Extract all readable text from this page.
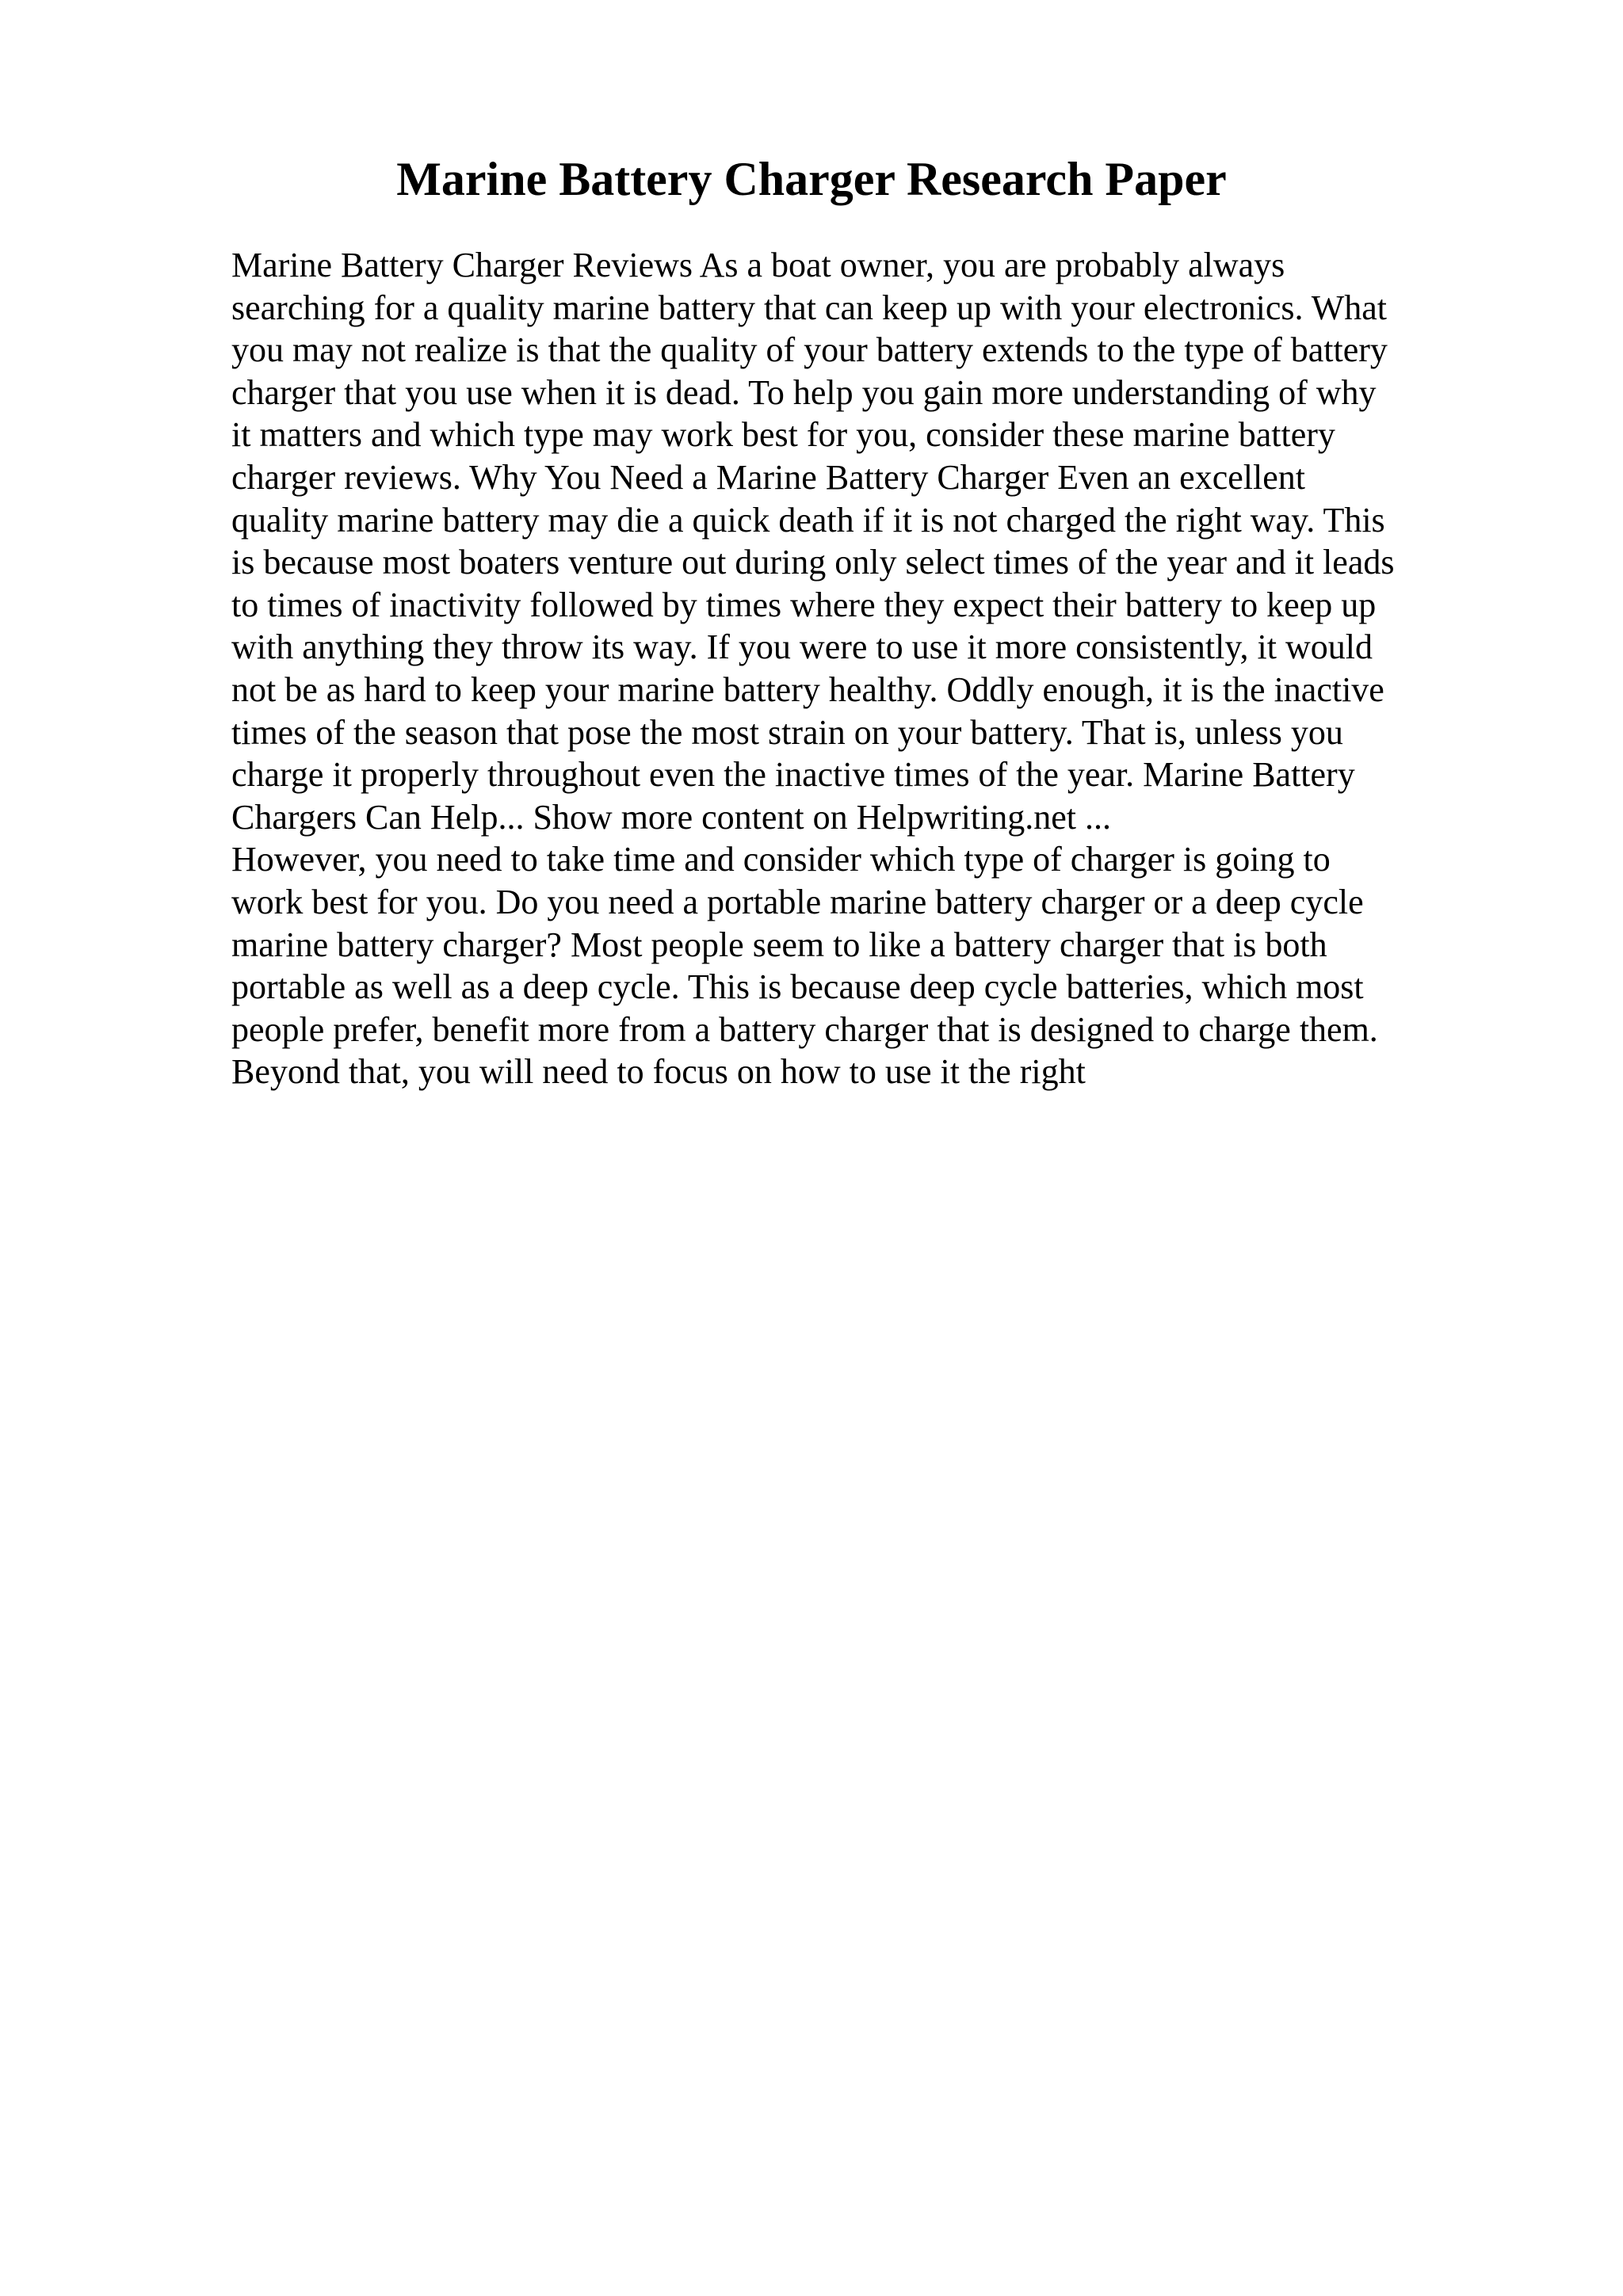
Marine Battery Charger Research Paper
Marine Battery Charger Reviews As a boat owner, you are probably always
searching for a quality marine battery that can keep up with your electronics. What
you may not realize is that the quality of your battery extends to the type of battery
charger that you use when it is dead. To help you gain more understanding of why
it matters and which type may work best for you, consider these marine battery
charger reviews. Why You Need a Marine Battery Charger Even an excellent
quality marine battery may die a quick death if it is not charged the right way. This
is because most boaters venture out during only select times of the year and it leads
to times of inactivity followed by times where they expect their battery to keep up
with anything they throw its way. If you were to use it more consistently, it would
not be as hard to keep your marine battery healthy. Oddly enough, it is the inactive
times of the season that pose the most strain on your battery. That is, unless you
charge it properly throughout even the inactive times of the year. Marine Battery
Chargers Can Help... Show more content on Helpwriting.net ...
However, you need to take time and consider which type of charger is going to
work best for you. Do you need a portable marine battery charger or a deep cycle
marine battery charger? Most people seem to like a battery charger that is both
portable as well as a deep cycle. This is because deep cycle batteries, which most
people prefer, benefit more from a battery charger that is designed to charge them.
Beyond that, you will need to focus on how to use it the right
